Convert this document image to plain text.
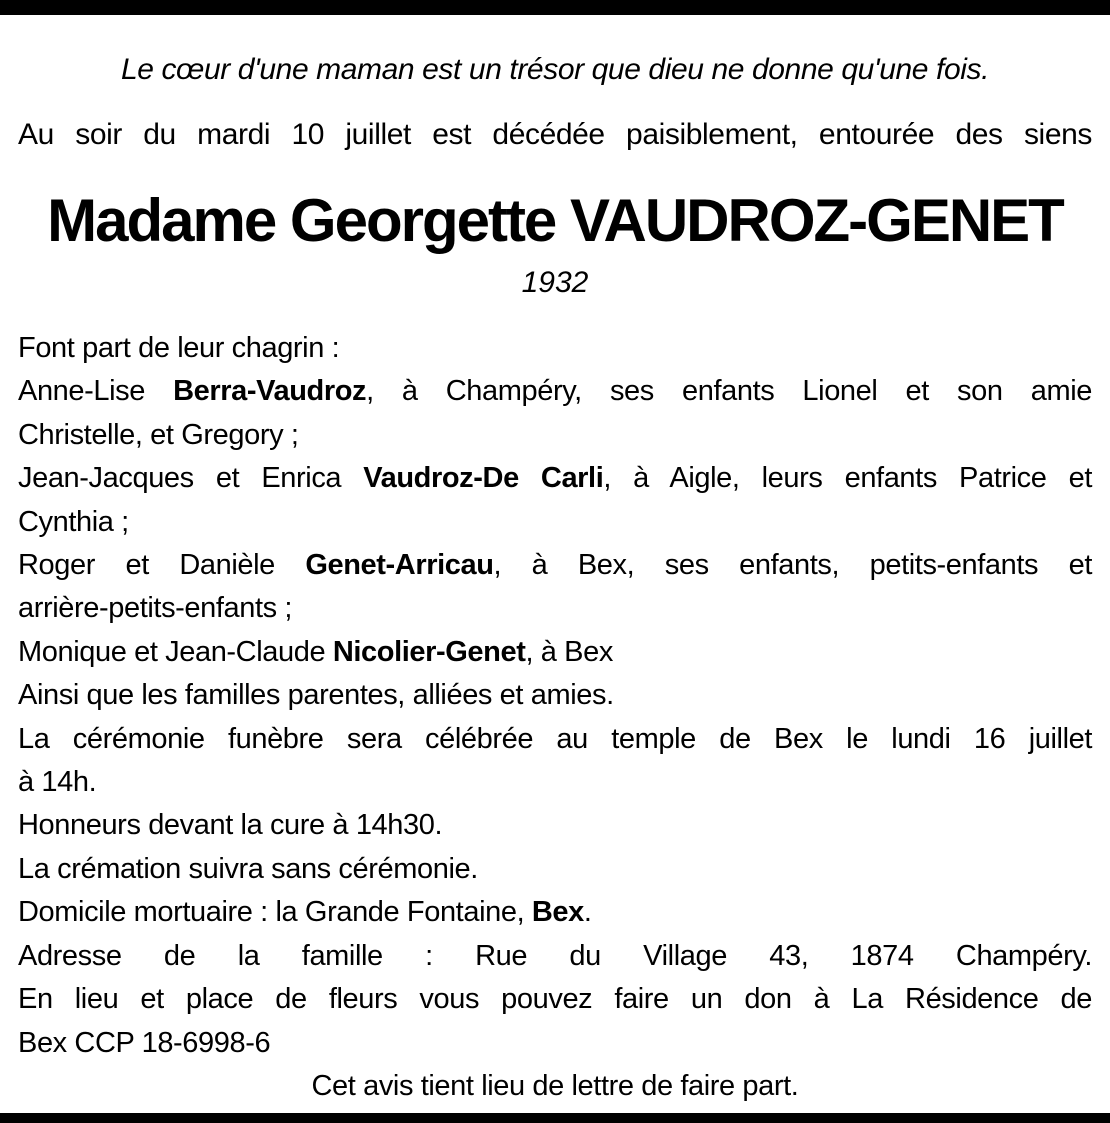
Le cœur d'une maman est un trésor que dieu ne donne qu'une fois.
Au soir du mardi 10 juillet est décédée paisiblement, entourée des siens
Madame Georgette VAUDROZ-GENET
1932
Font part de leur chagrin :
Anne-Lise Berra-Vaudroz, à Champéry, ses enfants Lionel et son amie
Christelle, et Gregory ;
Jean-Jacques et Enrica Vaudroz-De Carli, à Aigle, leurs enfants Patrice et
Cynthia ;
Roger et Danièle Genet-Arricau, à Bex, ses enfants, petits-enfants et
arrière-petits-enfants ;
Monique et Jean-Claude Nicolier-Genet, à Bex
Ainsi que les familles parentes, alliées et amies.
La cérémonie funèbre sera célébrée au temple de Bex le lundi 16 juillet
à 14h.
Honneurs devant la cure à 14h30.
La crémation suivra sans cérémonie.
Domicile mortuaire : la Grande Fontaine, Bex.
Adresse de la famille : Rue du Village 43, 1874 Champéry.
En lieu et place de fleurs vous pouvez faire un don à La Résidence de
Bex CCP 18-6998-6
Cet avis tient lieu de lettre de faire part.
